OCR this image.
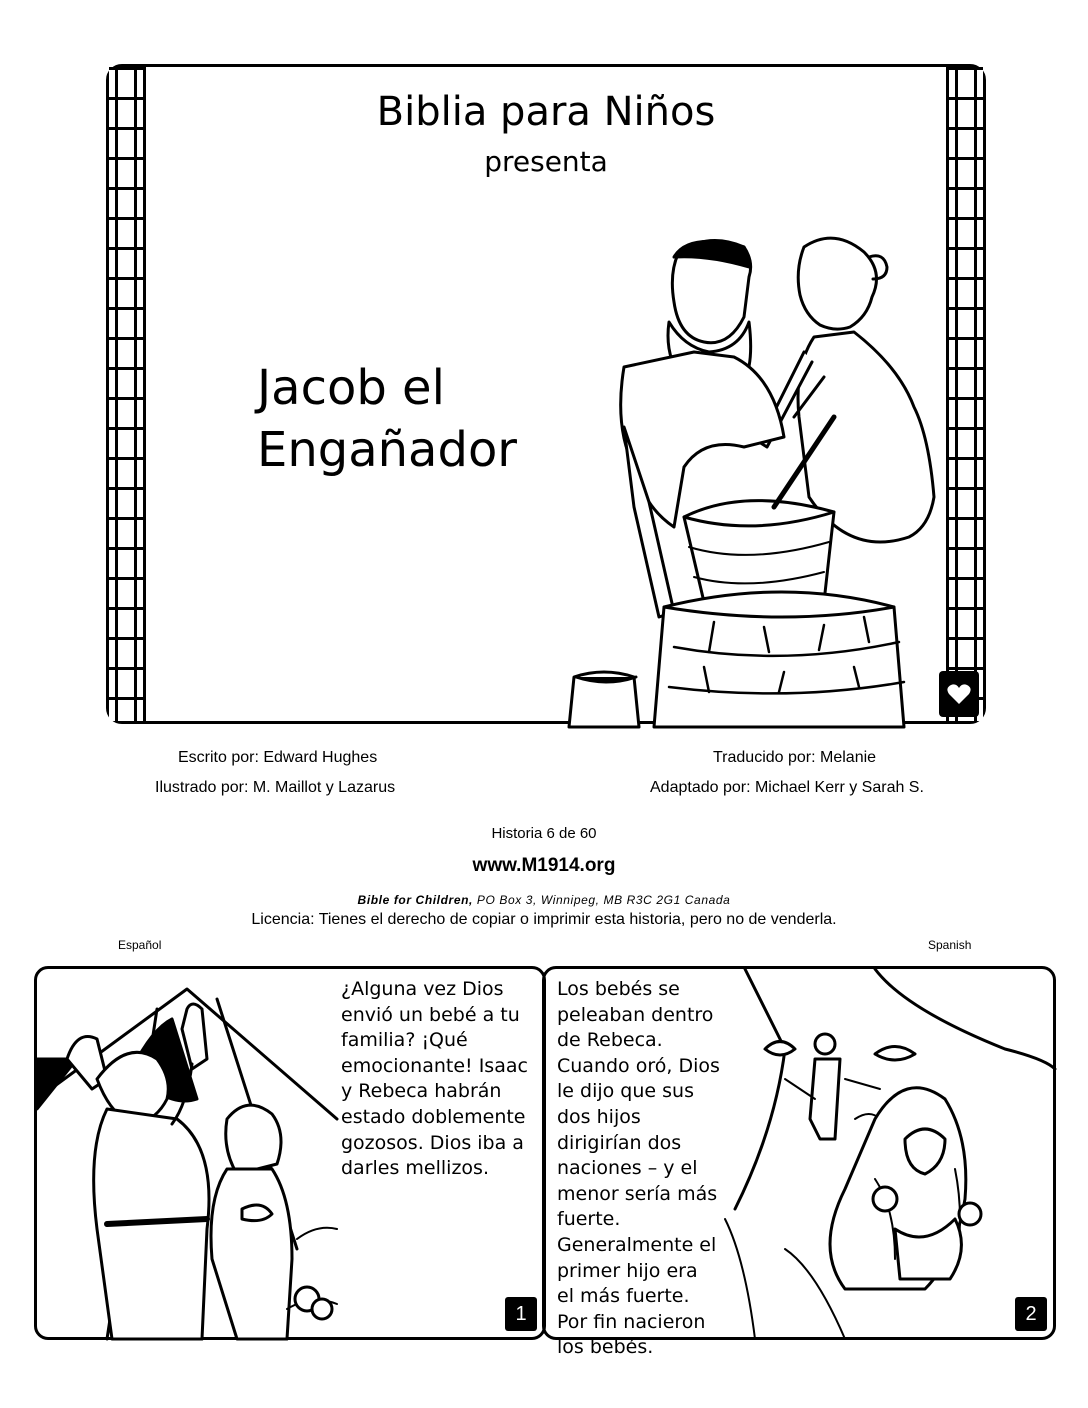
Biblia para Niños
presenta
Jacob el
Engañador
Escrito por: Edward Hughes
Ilustrado por: M. Maillot y Lazarus
Traducido por: Melanie
Adaptado por: Michael Kerr y Sarah S.
Historia 6 de 60
www.M1914.org
Bible for Children, PO Box 3, Winnipeg, MB R3C 2G1 Canada
Licencia: Tienes el derecho de copiar o imprimir esta historia, pero no de venderla.
Español	Spanish
¿Alguna vez Dios
envió un bebé a tu
familia? ¡Qué
emocionante! Isaac
y Rebeca habrán
estado doblemente
gozosos. Dios iba a
darles mellizos.
1
Los bebés se
peleaban dentro
de Rebeca.
Cuando oró, Dios
le dijo que sus
dos hijos
dirigirían dos
naciones – y el
menor sería más
fuerte.
Generalmente el
primer hijo era
el más fuerte.
Por fin nacieron
los bebés.
2
